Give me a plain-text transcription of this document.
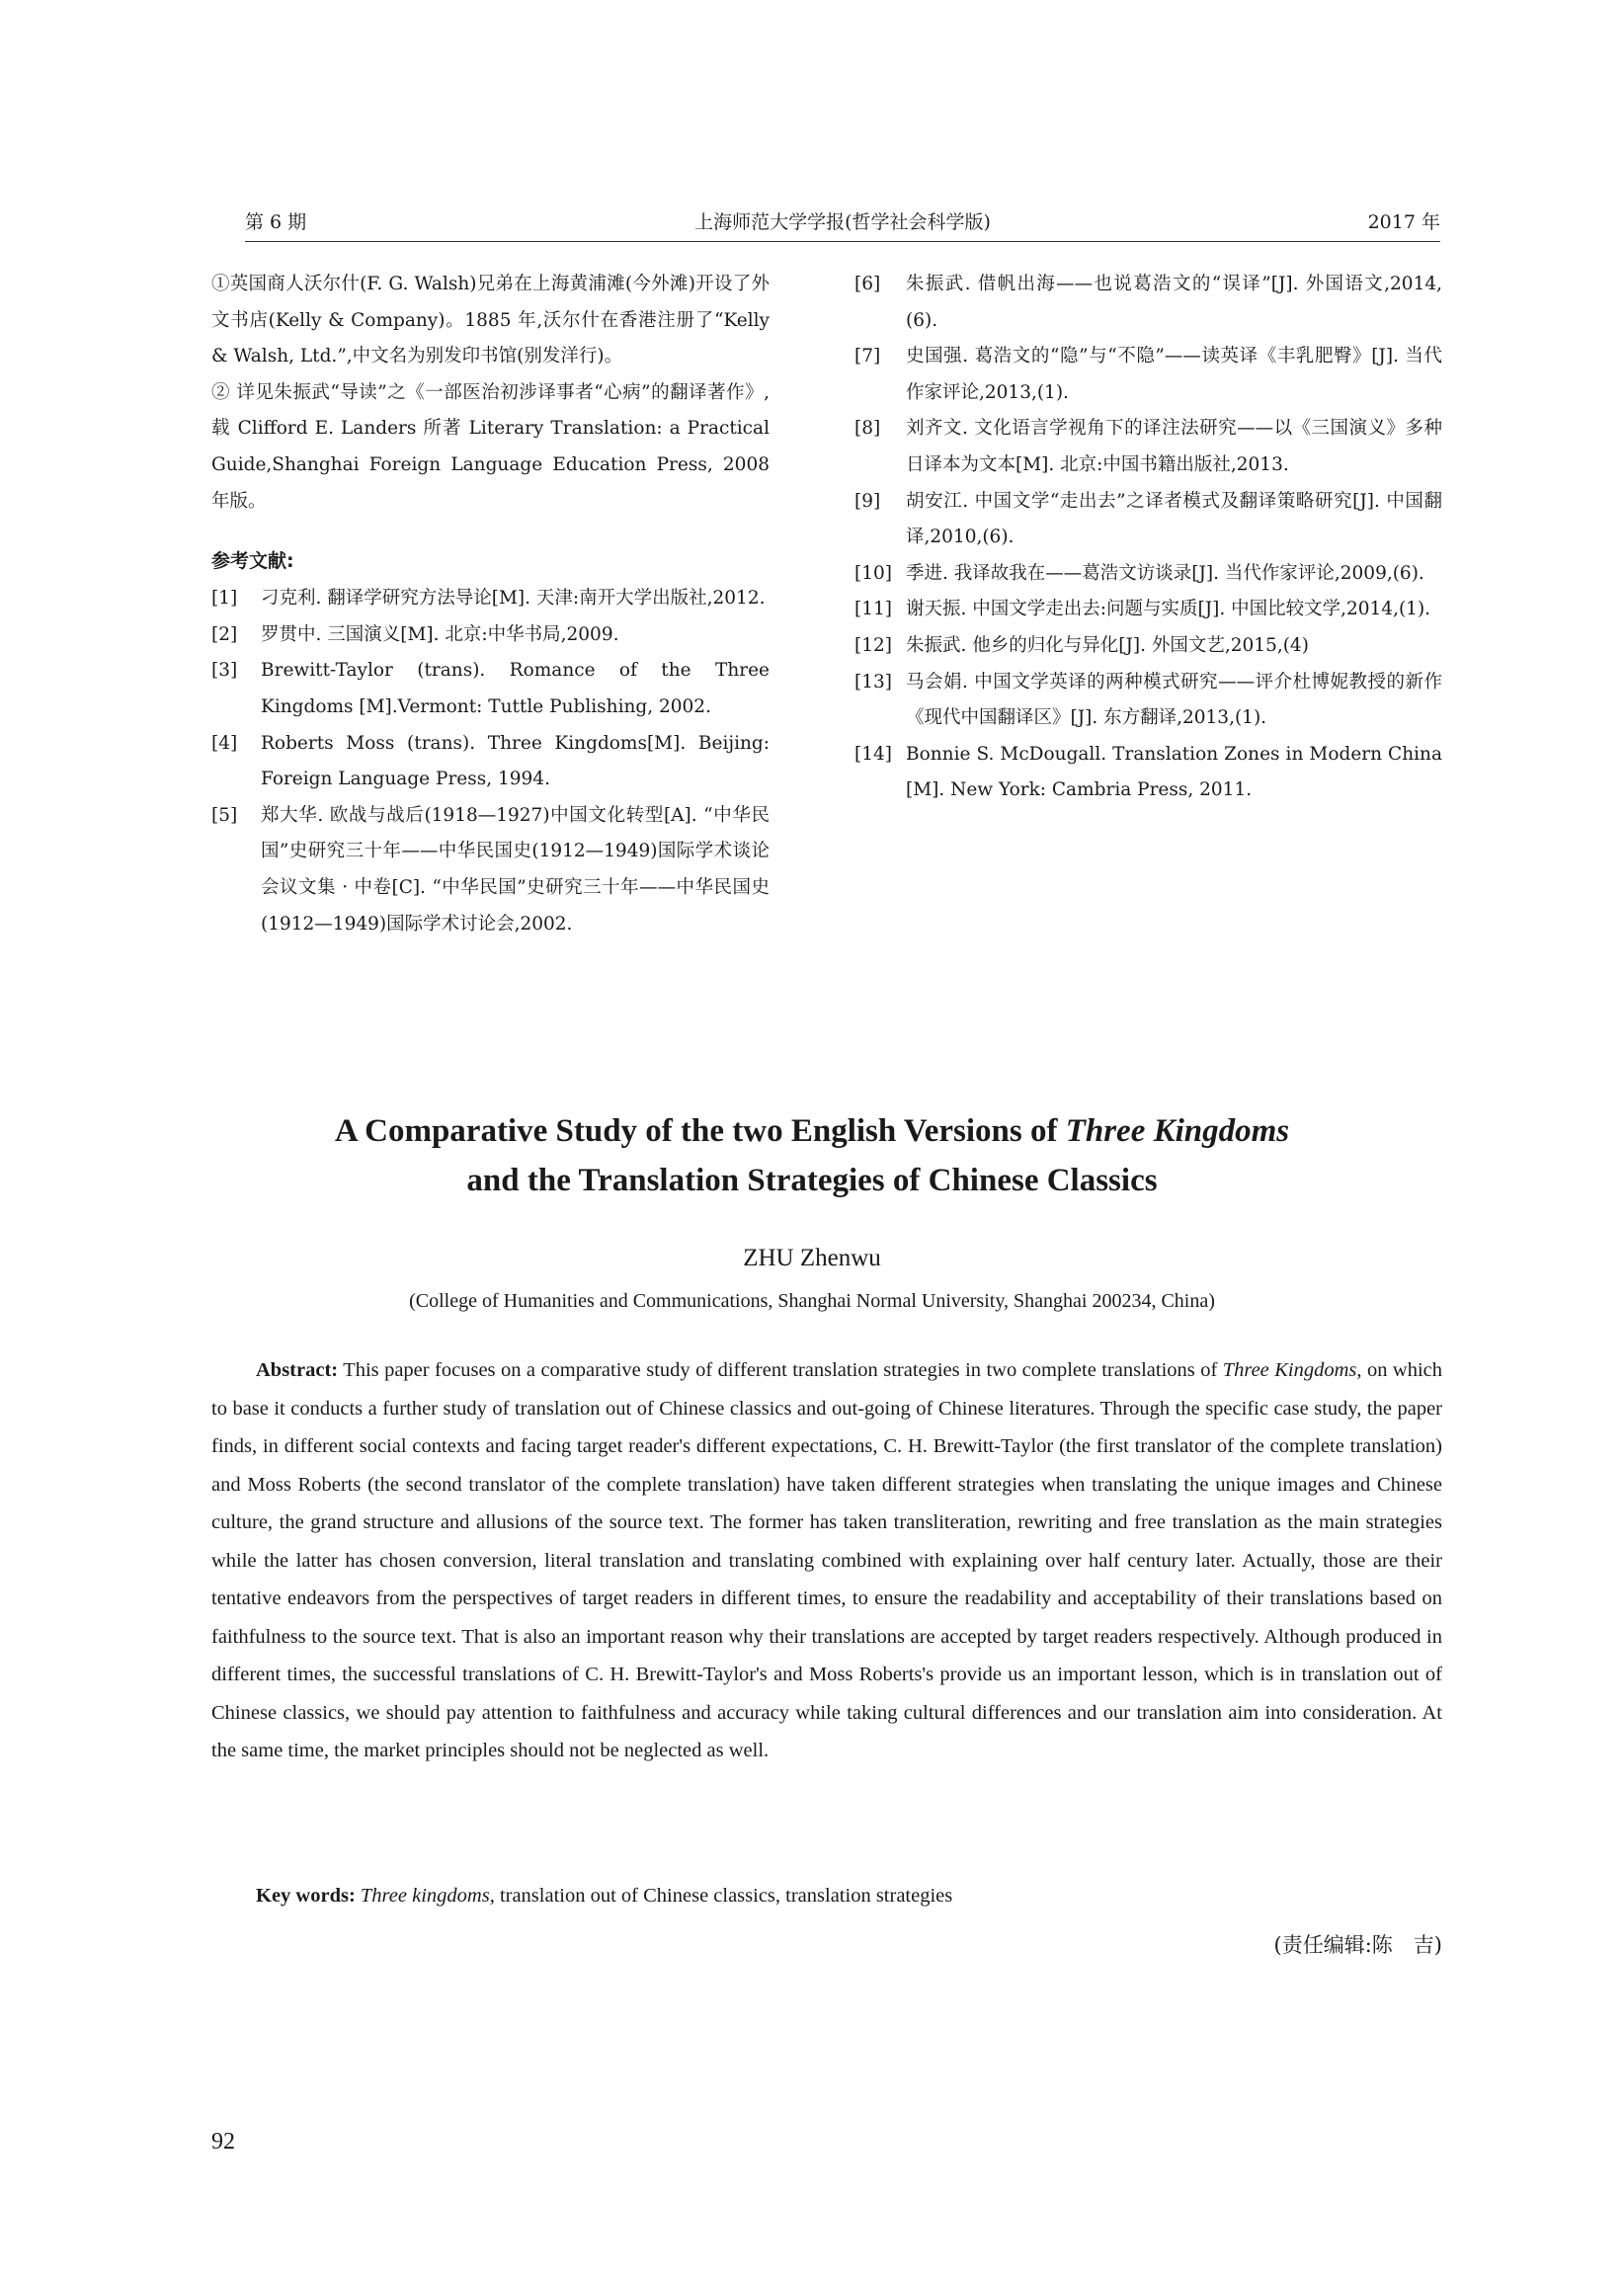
第 6 期	上海师范大学学报(哲学社会科学版)	2017 年

①英国商人沃尔什(F. G. Walsh)兄弟在上海黄浦滩(今外滩)开设了外文书店(Kelly & Company)。1885 年,沃尔什在香港注册了“Kelly & Walsh, Ltd.”,中文名为别发印书馆(别发洋行)。

② 详见朱振武“导读”之《一部医治初涉译事者“心病”的翻译著作》,载 Clifford E. Landers 所著 Literary Translation: a Practical Guide,Shanghai Foreign Language Education Press, 2008 年版。

参考文献:
[1]	刁克利. 翻译学研究方法导论[M]. 天津:南开大学出版社,2012.
[2]	罗贯中. 三国演义[M]. 北京:中华书局,2009.
[3]	Brewitt-Taylor (trans). Romance of the Three Kingdoms [M].Vermont: Tuttle Publishing, 2002.
[4]	Roberts Moss (trans). Three Kingdoms[M]. Beijing: Foreign Language Press, 1994.
[5]	郑大华. 欧战与战后(1918—1927)中国文化转型[A]. “中华民国”史研究三十年——中华民国史(1912—1949)国际学术谈论会议文集 · 中卷[C]. “中华民国”史研究三十年——中华民国史(1912—1949)国际学术讨论会,2002.
[6]	朱振武. 借帆出海——也说葛浩文的“误译”[J]. 外国语文,2014,(6).
[7]	史国强. 葛浩文的“隐”与“不隐”——读英译《丰乳肥臀》[J]. 当代作家评论,2013,(1).
[8]	刘齐文. 文化语言学视角下的译注法研究——以《三国演义》多种日译本为文本[M]. 北京:中国书籍出版社,2013.
[9]	胡安江. 中国文学“走出去”之译者模式及翻译策略研究[J]. 中国翻译,2010,(6).
[10] 季进. 我译故我在——葛浩文访谈录[J]. 当代作家评论,2009,(6).
[11] 谢天振. 中国文学走出去:问题与实质[J]. 中国比较文学,2014,(1).
[12] 朱振武. 他乡的归化与异化[J]. 外国文艺,2015,(4)
[13] 马会娟. 中国文学英译的两种模式研究——评介杜博妮教授的新作《现代中国翻译区》[J]. 东方翻译,2013,(1).
[14] Bonnie S. McDougall. Translation Zones in Modern China [M]. New York: Cambria Press, 2011.
A Comparative Study of the two English Versions of Three Kingdoms
and the Translation Strategies of Chinese Classics
ZHU Zhenwu
(College of Humanities and Communications, Shanghai Normal University, Shanghai 200234, China)
Abstract: This paper focuses on a comparative study of different translation strategies in two complete translations of Three Kingdoms, on which to base it conducts a further study of translation out of Chinese classics and out-going of Chinese literatures. Through the specific case study, the paper finds, in different social contexts and facing target reader's different expectations, C. H. Brewitt-Taylor (the first translator of the complete translation) and Moss Roberts (the second translator of the complete translation) have taken different strategies when translating the unique images and Chinese culture, the grand structure and allusions of the source text. The former has taken transliteration, rewriting and free translation as the main strategies while the latter has chosen conversion, literal translation and translating combined with explaining over half century later. Actually, those are their tentative endeavors from the perspectives of target readers in different times, to ensure the readability and acceptability of their translations based on faithfulness to the source text. That is also an important reason why their translations are accepted by target readers respectively. Although produced in different times, the successful translations of C. H. Brewitt-Taylor's and Moss Roberts's provide us an important lesson, which is in translation out of Chinese classics, we should pay attention to faithfulness and accuracy while taking cultural differences and our translation aim into consideration. At the same time, the market principles should not be neglected as well.
Key words: Three kingdoms, translation out of Chinese classics, translation strategies
(责任编辑:陈　吉)
92
